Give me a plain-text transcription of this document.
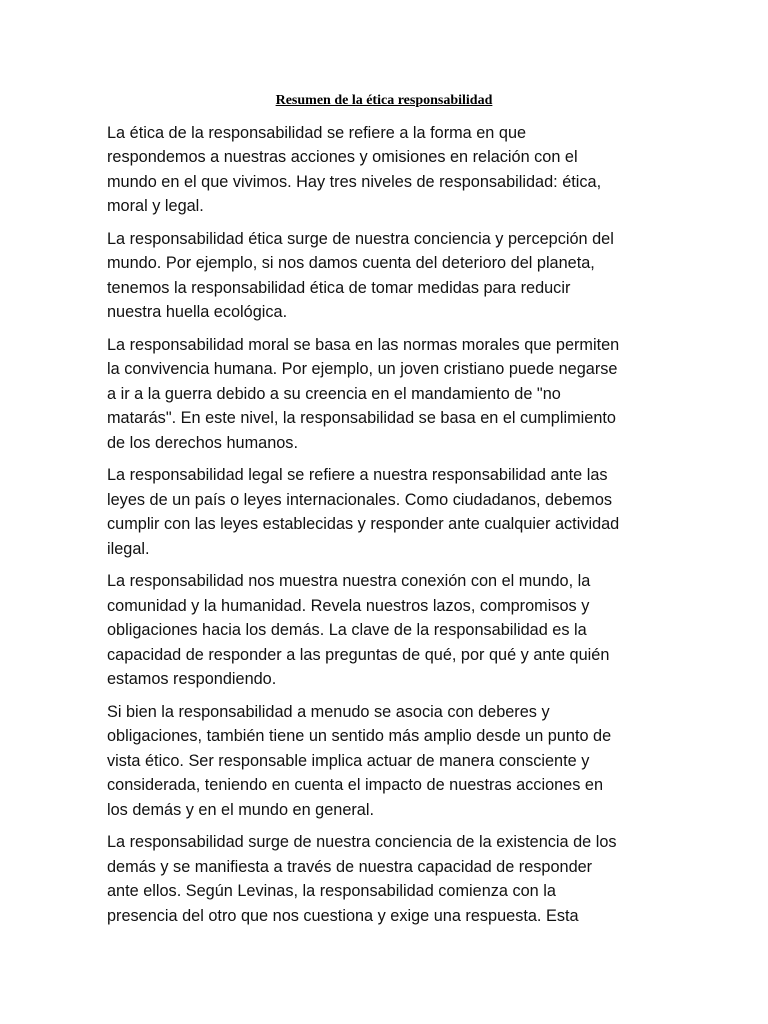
Resumen de la ética responsabilidad

La ética de la responsabilidad se refiere a la forma en que
respondemos a nuestras acciones y omisiones en relación con el
mundo en el que vivimos. Hay tres niveles de responsabilidad: ética,
moral y legal.

La responsabilidad ética surge de nuestra conciencia y percepción del
mundo. Por ejemplo, si nos damos cuenta del deterioro del planeta,
tenemos la responsabilidad ética de tomar medidas para reducir
nuestra huella ecológica.

La responsabilidad moral se basa en las normas morales que permiten
la convivencia humana. Por ejemplo, un joven cristiano puede negarse
a ir a la guerra debido a su creencia en el mandamiento de "no
matarás". En este nivel, la responsabilidad se basa en el cumplimiento
de los derechos humanos.

La responsabilidad legal se refiere a nuestra responsabilidad ante las
leyes de un país o leyes internacionales. Como ciudadanos, debemos
cumplir con las leyes establecidas y responder ante cualquier actividad
ilegal.

La responsabilidad nos muestra nuestra conexión con el mundo, la
comunidad y la humanidad. Revela nuestros lazos, compromisos y
obligaciones hacia los demás. La clave de la responsabilidad es la
capacidad de responder a las preguntas de qué, por qué y ante quién
estamos respondiendo.

Si bien la responsabilidad a menudo se asocia con deberes y
obligaciones, también tiene un sentido más amplio desde un punto de
vista ético. Ser responsable implica actuar de manera consciente y
considerada, teniendo en cuenta el impacto de nuestras acciones en
los demás y en el mundo en general.

La responsabilidad surge de nuestra conciencia de la existencia de los
demás y se manifiesta a través de nuestra capacidad de responder
ante ellos. Según Levinas, la responsabilidad comienza con la
presencia del otro que nos cuestiona y exige una respuesta. Esta
